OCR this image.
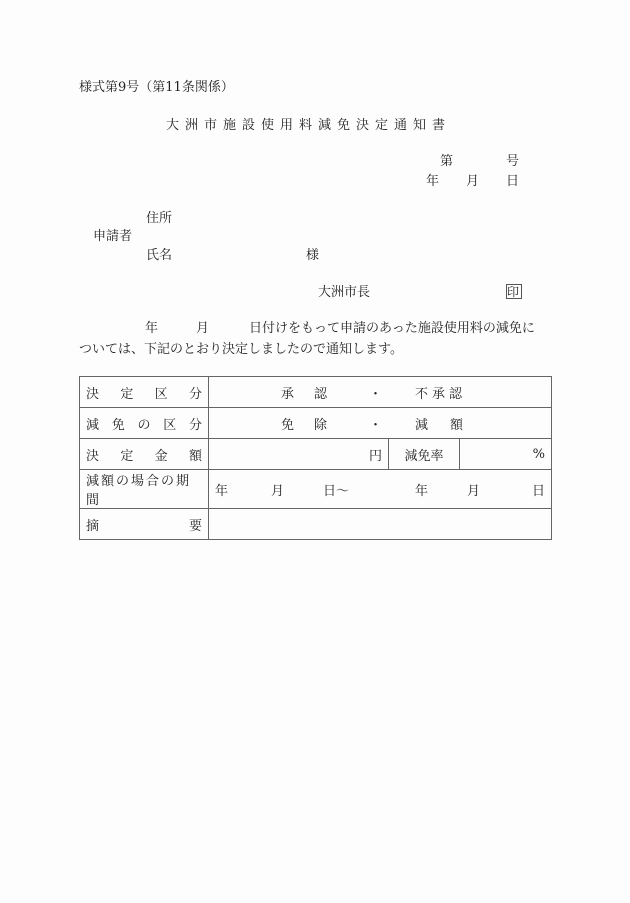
様式第9号（第11条関係）
大洲市施設使用料減免決定通知書
第	号
年 月 日
住所
申請者
氏名	様
大洲市長	印
年	月	日付けをもって申請のあった施設使用料の減免に
ついては、下記のとおり決定しましたので通知します。
決 定 区 分	承認 ・ 不承認		

減 免 の 区 分	免除 ・ 減額		

決 定 金 額	円	減免率	%
減額の場合の期間	
年	月	日～	年	月	日

摘 要			
